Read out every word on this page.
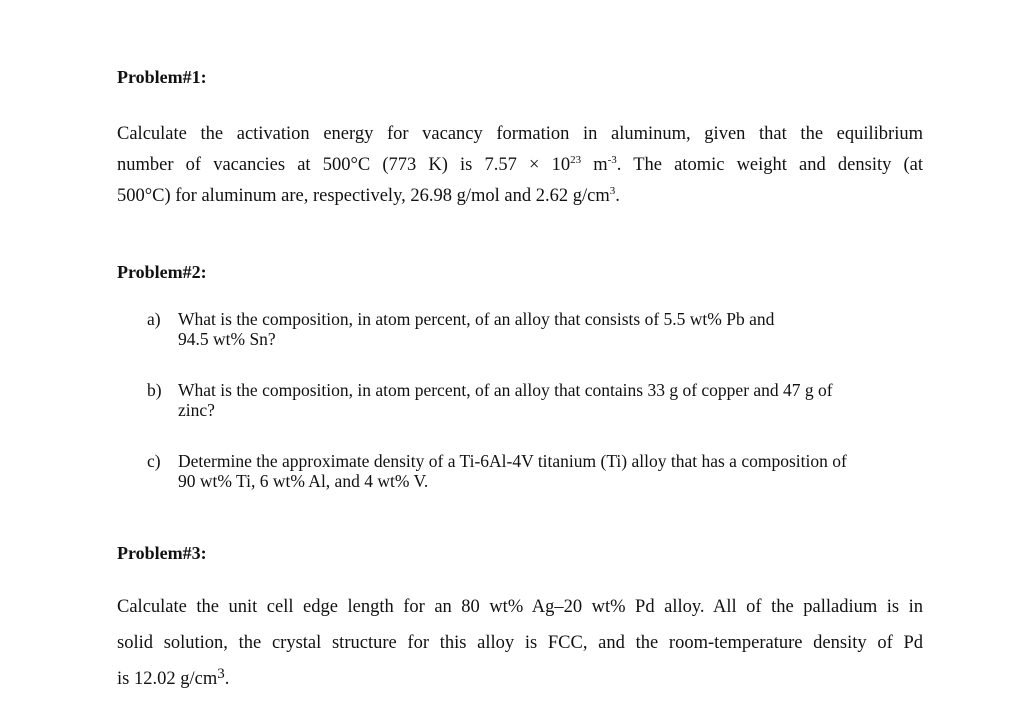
Problem#1:
Calculate the activation energy for vacancy formation in aluminum, given that the equilibrium
number of vacancies at 500°C (773 K) is $7.57 \times 10^{23}$ $m^{-3}$. The atomic weight and density (at
500°C) for aluminum are, respectively, 26.98 g/mol and 2.62 $g/cm^3$.
Problem#2:
a) What is the composition, in atom percent, of an alloy that consists of 5.5 wt% Pb and
94.5 wt% Sn?
b) What is the composition, in atom percent, of an alloy that contains 33 g of copper and 47 g of
zinc?
c) Determine the approximate density of a Ti-6Al-4V titanium (Ti) alloy that has a composition of
90 wt% Ti, 6 wt% Al, and 4 wt% V.
Problem#3:
Calculate the unit cell edge length for an 80 wt% Ag–20 wt% Pd alloy. All of the palladium is in
solid solution, the crystal structure for this alloy is FCC, and the room-temperature density of Pd
is 12.02 $g/cm^3$.
